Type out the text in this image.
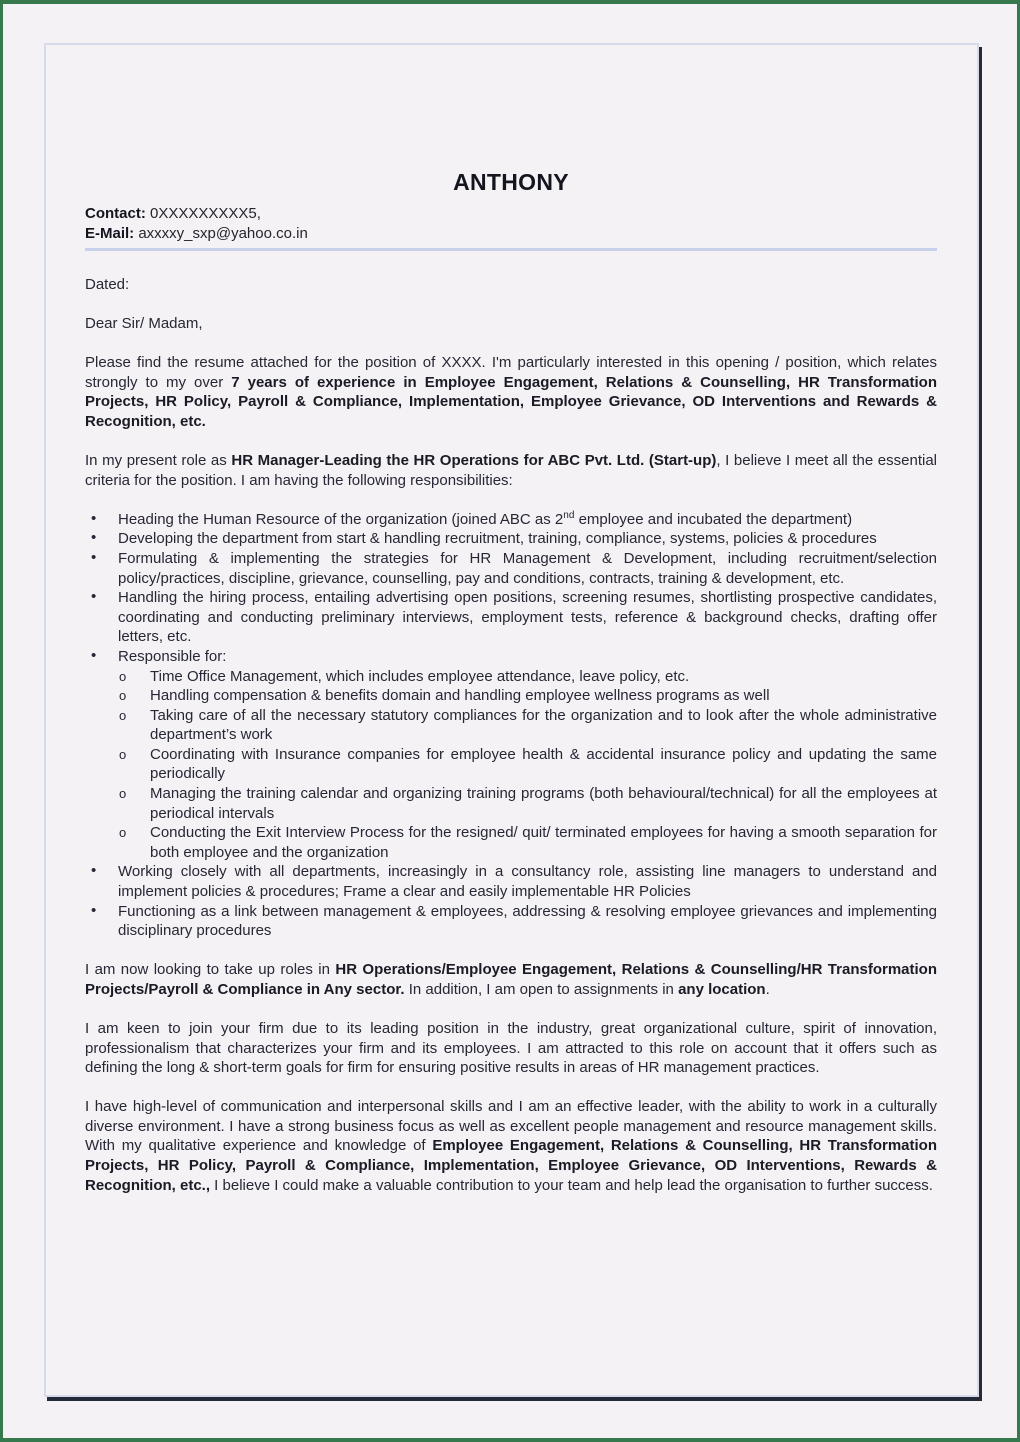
ANTHONY
Contact: 0XXXXXXXXX5,
E-Mail: axxxxy_sxp@yahoo.co.in

Dated:

Dear Sir/ Madam,

Please find the resume attached for the position of XXXX. I'm particularly interested in this opening / position, which relates strongly to my over 7 years of experience in Employee Engagement, Relations & Counselling, HR Transformation Projects, HR Policy, Payroll & Compliance, Implementation, Employee Grievance, OD Interventions and Rewards & Recognition, etc.

In my present role as HR Manager-Leading the HR Operations for ABC Pvt. Ltd. (Start-up), I believe I meet all the essential criteria for the position. I am having the following responsibilities:

• Heading the Human Resource of the organization (joined ABC as 2nd employee and incubated the department)
• Developing the department from start & handling recruitment, training, compliance, systems, policies & procedures
• Formulating & implementing the strategies for HR Management & Development, including recruitment/selection policy/practices, discipline, grievance, counselling, pay and conditions, contracts, training & development, etc.
• Handling the hiring process, entailing advertising open positions, screening resumes, shortlisting prospective candidates, coordinating and conducting preliminary interviews, employment tests, reference & background checks, drafting offer letters, etc.
• Responsible for:
o Time Office Management, which includes employee attendance, leave policy, etc.
o Handling compensation & benefits domain and handling employee wellness programs as well
o Taking care of all the necessary statutory compliances for the organization and to look after the whole administrative department’s work
o Coordinating with Insurance companies for employee health & accidental insurance policy and updating the same periodically
o Managing the training calendar and organizing training programs (both behavioural/technical) for all the employees at periodical intervals
o Conducting the Exit Interview Process for the resigned/ quit/ terminated employees for having a smooth separation for both employee and the organization
• Working closely with all departments, increasingly in a consultancy role, assisting line managers to understand and implement policies & procedures; Frame a clear and easily implementable HR Policies
• Functioning as a link between management & employees, addressing & resolving employee grievances and implementing disciplinary procedures

I am now looking to take up roles in HR Operations/Employee Engagement, Relations & Counselling/HR Transformation Projects/Payroll & Compliance in Any sector. In addition, I am open to assignments in any location.

I am keen to join your firm due to its leading position in the industry, great organizational culture, spirit of innovation, professionalism that characterizes your firm and its employees. I am attracted to this role on account that it offers such as defining the long & short-term goals for firm for ensuring positive results in areas of HR management practices.

I have high-level of communication and interpersonal skills and I am an effective leader, with the ability to work in a culturally diverse environment. I have a strong business focus as well as excellent people management and resource management skills. With my qualitative experience and knowledge of Employee Engagement, Relations & Counselling, HR Transformation Projects, HR Policy, Payroll & Compliance, Implementation, Employee Grievance, OD Interventions, Rewards & Recognition, etc., I believe I could make a valuable contribution to your team and help lead the organisation to further success.
